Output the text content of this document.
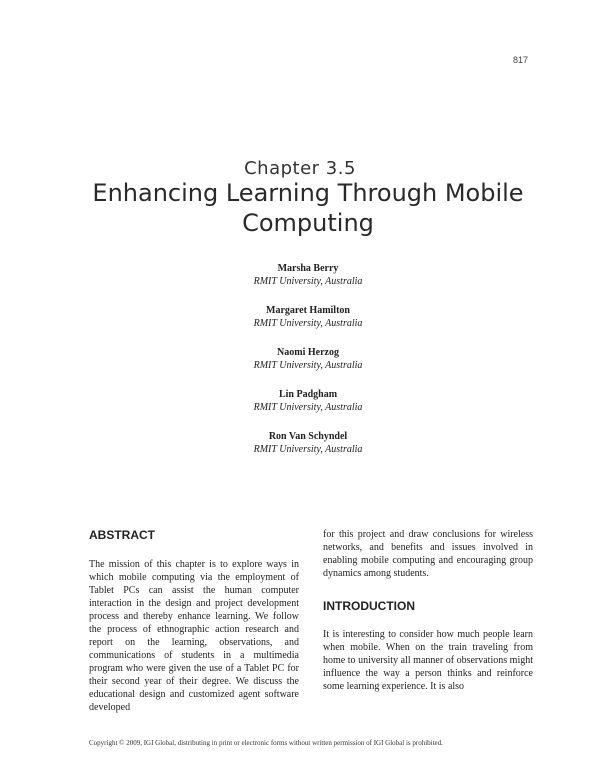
817
Chapter 3.5
Enhancing Learning Through Mobile Computing
Marsha Berry
RMIT University, Australia
Margaret Hamilton
RMIT University, Australia
Naomi Herzog
RMIT University, Australia
Lin Padgham
RMIT University, Australia
Ron Van Schyndel
RMIT University, Australia
ABSTRACT

The mission of this chapter is to explore ways in which mobile computing via the employment of Tablet PCs can assist the human computer interaction in the design and project development process and thereby enhance learning. We follow the process of ethnographic action research and report on the learning, observations, and communications of students in a multimedia program who were given the use of a Tablet PC for their second year of their degree. We discuss the educational design and customized agent software developed

for this project and draw conclusions for wireless networks, and benefits and issues involved in enabling mobile computing and encouraging group dynamics among students.

INTRODUCTION

It is interesting to consider how much people learn when mobile. When on the train traveling from home to university all manner of observations might influence the way a person thinks and reinforce some learning experience. It is also

Copyright © 2009, IGI Global, distributing in print or electronic forms without written permission of IGI Global is prohibited.
